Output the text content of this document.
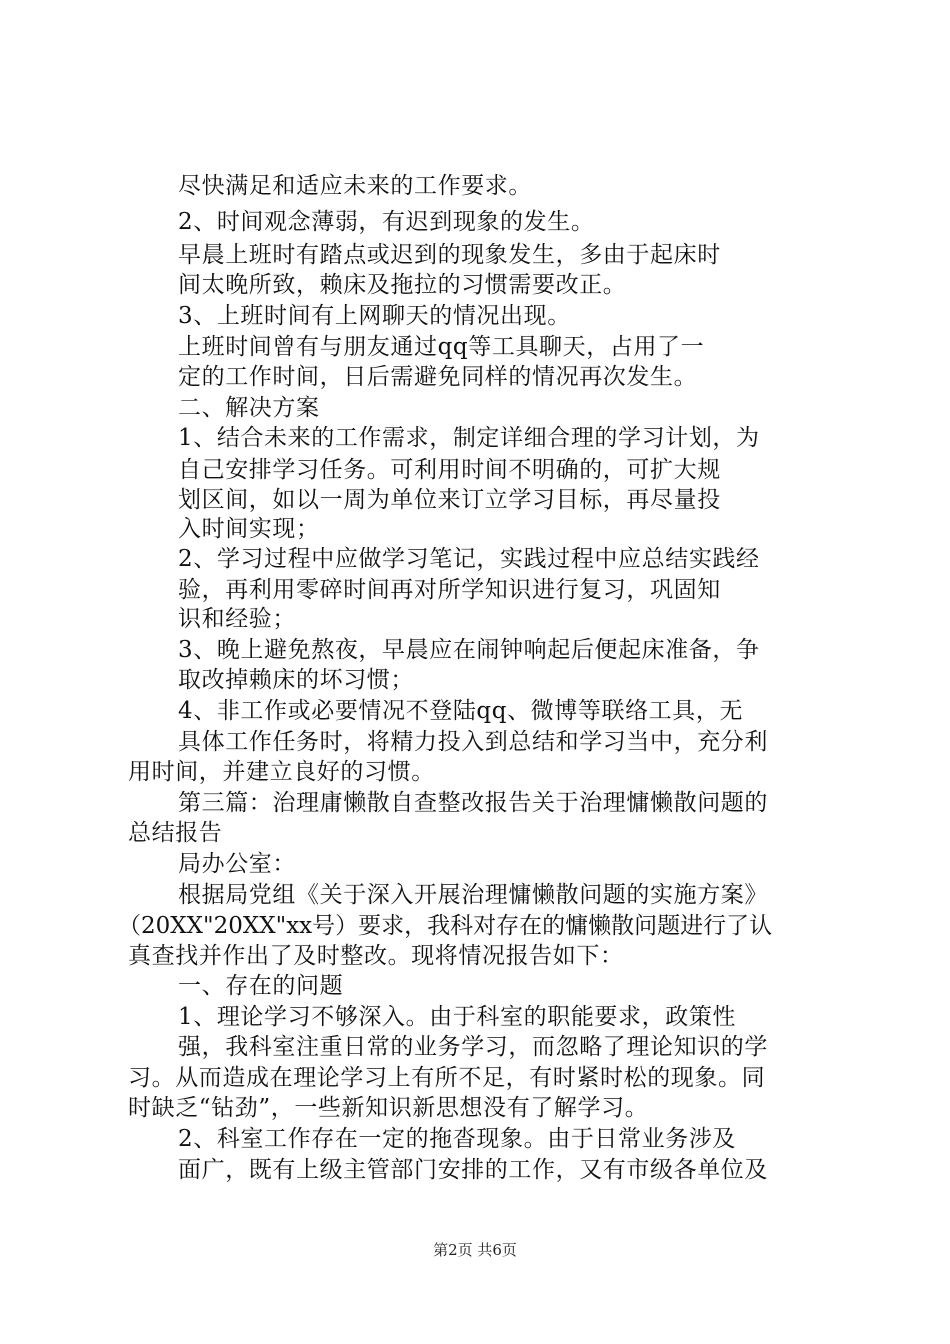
尽快满足和适应未来的工作要求。
2、时间观念薄弱，有迟到现象的发生。
早晨上班时有踏点或迟到的现象发生，多由于起床时
间太晚所致，赖床及拖拉的习惯需要改正。
3、上班时间有上网聊天的情况出现。
上班时间曾有与朋友通过qq等工具聊天，占用了一
定的工作时间，日后需避免同样的情况再次发生。
二、解决方案
1、结合未来的工作需求，制定详细合理的学习计划，为
自己安排学习任务。可利用时间不明确的，可扩大规
划区间，如以一周为单位来订立学习目标，再尽量投
入时间实现；
2、学习过程中应做学习笔记，实践过程中应总结实践经
验，再利用零碎时间再对所学知识进行复习，巩固知
识和经验；
3、晚上避免熬夜，早晨应在闹钟响起后便起床准备，争
取改掉赖床的坏习惯；
4、非工作或必要情况不登陆qq、微博等联络工具，无
具体工作任务时，将精力投入到总结和学习当中，充分利
用时间，并建立良好的习惯。
第三篇：治理庸懒散自查整改报告关于治理慵懒散问题的
总结报告
局办公室：
根据局党组《关于深入开展治理慵懒散问题的实施方案》
（20XX"20XX"xx号）要求，我科对存在的慵懒散问题进行了认
真查找并作出了及时整改。现将情况报告如下：
一、存在的问题
1、理论学习不够深入。由于科室的职能要求，政策性
强，我科室注重日常的业务学习，而忽略了理论知识的学
习。从而造成在理论学习上有所不足，有时紧时松的现象。同
时缺乏“钻劲”，一些新知识新思想没有了解学习。
2、科室工作存在一定的拖沓现象。由于日常业务涉及
面广，既有上级主管部门安排的工作，又有市级各单位及
第2页 共6页
